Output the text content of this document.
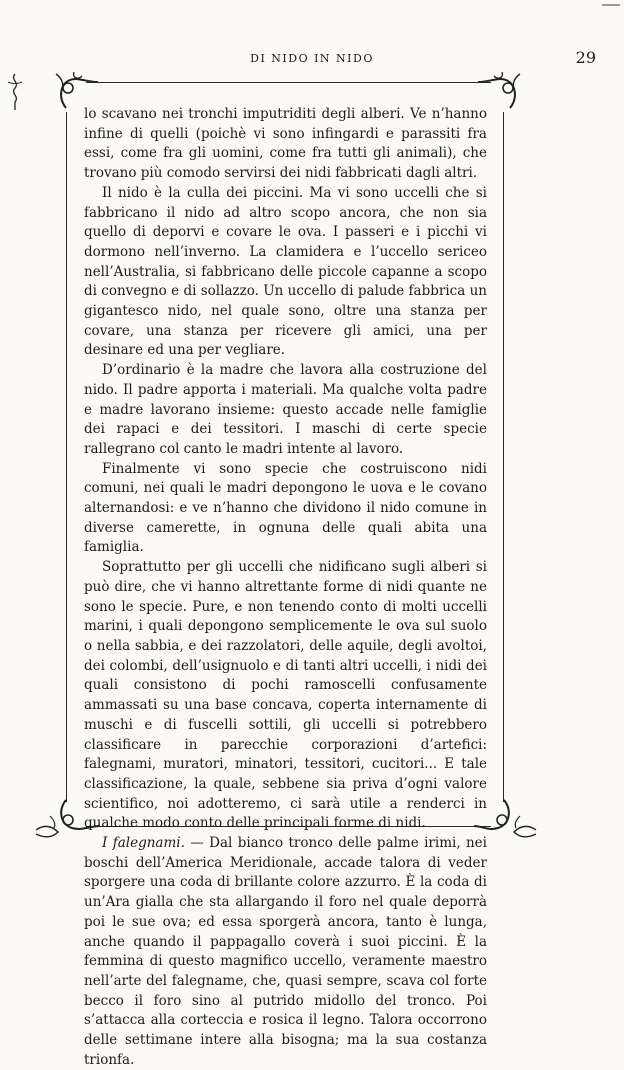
DI NIDO IN NIDO	29

lo scavano nei tronchi imputriditi degli alberi. Ve n’hanno infine di quelli (poichè vi sono infingardi e parassiti fra essi, come fra gli uomini, come fra tutti gli animali), che trovano più comodo servirsi dei nidi fabbricati dagli altri.

Il nido è la culla dei piccini. Ma vi sono uccelli che si fabbricano il nido ad altro scopo ancora, che non sia quello di deporvi e covare le ova. I passeri e i picchi vi dormono nell’inverno. La clamidera e l’uccello sericeo nell’Australia, si fabbricano delle piccole capanne a scopo di convegno e di sollazzo. Un uccello di palude fabbrica un gigantesco nido, nel quale sono, oltre una stanza per covare, una stanza per ricevere gli amici, una per desinare ed una per vegliare.

D’ordinario è la madre che lavora alla costruzione del nido. Il padre apporta i materiali. Ma qualche volta padre e madre lavorano insieme: questo accade nelle famiglie dei rapaci e dei tessitori. I maschi di certe specie rallegrano col canto le madri intente al lavoro.

Finalmente vi sono specie che costruiscono nidi comuni, nei quali le madri depongono le uova e le covano alternandosi: e ve n’hanno che dividono il nido comune in diverse camerette, in ognuna delle quali abita una famiglia.

Soprattutto per gli uccelli che nidificano sugli alberi si può dire, che vi hanno altrettante forme di nidi quante ne sono le specie. Pure, e non tenendo conto di molti uccelli marini, i quali depongono semplicemente le ova sul suolo o nella sabbia, e dei razzolatori, delle aquile, degli avoltoi, dei colombi, dell’usignuolo e di tanti altri uccelli, i nidi dei quali consistono di pochi ramoscelli confusamente ammassati su una base concava, coperta internamente di muschi e di fuscelli sottili, gli uccelli si potrebbero classificare in parecchie corporazioni d’artefici: falegnami, muratori, minatori, tessitori, cucitori... E tale classificazione, la quale, sebbene sia priva d’ogni valore scientifico, noi adotteremo, ci sarà utile a renderci in qualche modo conto delle principali forme di nidi.

I falegnami. — Dal bianco tronco delle palme irimi, nei boschi dell’America Meridionale, accade talora di veder sporgere una coda di brillante colore azzurro. È la coda di un’Ara gialla che sta allargando il foro nel quale deporrà poi le sue ova; ed essa sporgerà ancora, tanto è lunga, anche quando il pappagallo coverà i suoi piccini. È la femmina di questo magnifico uccello, veramente maestro nell’arte del falegname, che, quasi sempre, scava col forte becco il foro sino al putrido midollo del tronco. Poi s’attacca alla corteccia e rosica il legno. Talora occorrono delle settimane intere alla bisogna; ma la sua costanza trionfa.
